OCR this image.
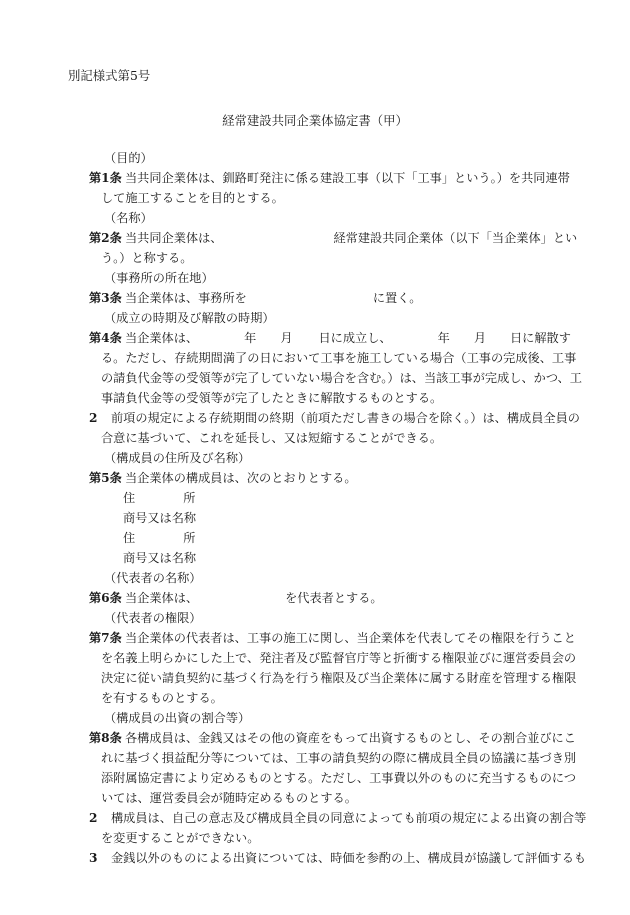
別記様式第5号
経常建設共同企業体協定書（甲）
（目的）
第1条 当共同企業体は、釧路町発注に係る建設工事（以下「工事」という。）を共同連帯
して施工することを目的とする。
（名称）
第2条 当共同企業体は、	経常建設共同企業体（以下「当企業体」とい
う。）と称する。
（事務所の所在地）
第3条 当企業体は、事務所を	に置く。
（成立の時期及び解散の時期）
第4条 当企業体は、	年 月 日に成立し、	年 月 日に解散す
る。ただし、存続期間満了の日において工事を施工している場合（工事の完成後、工事
の請負代金等の受領等が完了していない場合を含む。）は、当該工事が完成し、かつ、工
事請負代金等の受領等が完了したときに解散するものとする。
2 前項の規定による存続期間の終期（前項ただし書きの場合を除く。）は、構成員全員の
合意に基づいて、これを延長し、又は短縮することができる。
（構成員の住所及び名称）
第5条 当企業体の構成員は、次のとおりとする。
住	所
商号又は名称
住	所
商号又は名称
（代表者の名称）
第6条 当企業体は、	を代表者とする。
（代表者の権限）
第7条 当企業体の代表者は、工事の施工に関し、当企業体を代表してその権限を行うこと
を名義上明らかにした上で、発注者及び監督官庁等と折衝する権限並びに運営委員会の
決定に従い請負契約に基づく行為を行う権限及び当企業体に属する財産を管理する権限
を有するものとする。
（構成員の出資の割合等）
第8条 各構成員は、金銭又はその他の資産をもって出資するものとし、その割合並びにこ
れに基づく損益配分等については、工事の請負契約の際に構成員全員の協議に基づき別
添附属協定書により定めるものとする。ただし、工事費以外のものに充当するものにつ
いては、運営委員会が随時定めるものとする。
2 構成員は、自己の意志及び構成員全員の同意によっても前項の規定による出資の割合等
を変更することができない。
3 金銭以外のものによる出資については、時価を参酌の上、構成員が協議して評価するも
